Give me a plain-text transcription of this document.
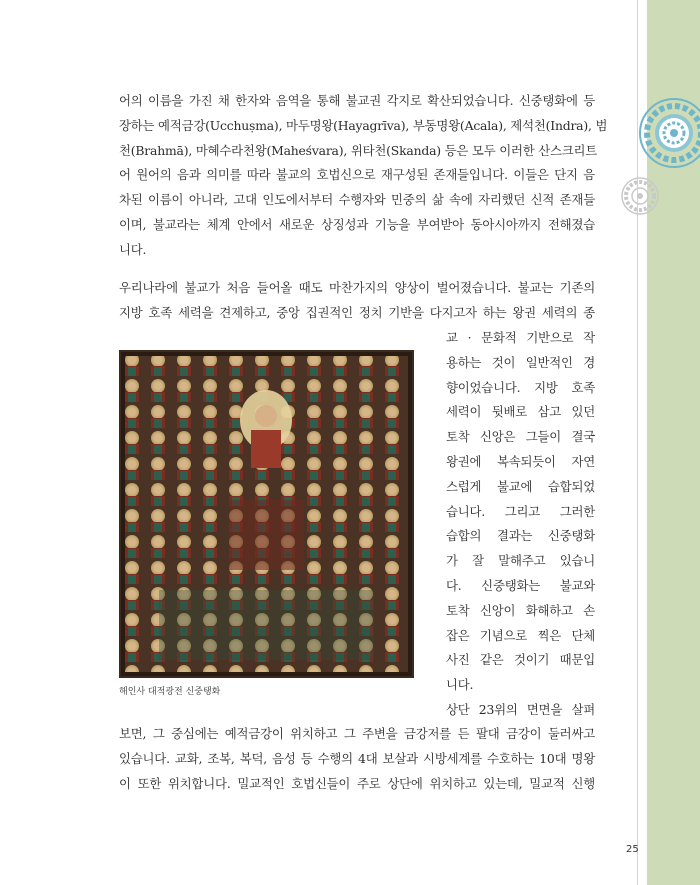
어의 이름을 가진 채 한자와 음역을 통해 불교권 각지로 확산되었습니다. 신중탱화에 등
장하는 예적금강(Ucchuṣma), 마두명왕(Hayagrīva), 부동명왕(Acala), 제석천(Indra), 범
천(Brahmā), 마혜수라천왕(Maheśvara), 위타천(Skanda) 등은 모두 이러한 산스크리트
어 원어의 음과 의미를 따라 불교의 호법신으로 재구성된 존재들입니다. 이들은 단지 음
차된 이름이 아니라, 고대 인도에서부터 수행자와 민중의 삶 속에 자리했던 신적 존재들
이며, 불교라는 체계 안에서 새로운 상징성과 기능을 부여받아 동아시아까지 전해졌습
니다.
우리나라에 불교가 처음 들어올 때도 마찬가지의 양상이 벌어졌습니다. 불교는 기존의
지방 호족 세력을 견제하고, 중앙 집권적인 정치 기반을 다지고자 하는 왕권 세력의 종
교 · 문화적 기반으로 작
용하는 것이 일반적인 경
향이었습니다. 지방 호족
세력이 뒷배로 삼고 있던
토착 신앙은 그들이 결국
왕권에 복속되듯이 자연
스럽게 불교에 습합되었
습니다. 그리고 그러한
습합의 결과는 신중탱화
가 잘 말해주고 있습니
다. 신중탱화는 불교와
토착 신앙이 화해하고 손
잡은 기념으로 찍은 단체
사진 같은 것이기 때문입
니다.
해인사 대적광전 신중탱화
상단 23위의 면면을 살펴
보면, 그 중심에는 예적금강이 위치하고 그 주변을 금강저를 든 팔대 금강이 둘러싸고
있습니다. 교화, 조복, 복덕, 음성 등 수행의 4대 보살과 시방세계를 수호하는 10대 명왕
이 또한 위치합니다. 밀교적인 호법신들이 주로 상단에 위치하고 있는데, 밀교적 신행
25
